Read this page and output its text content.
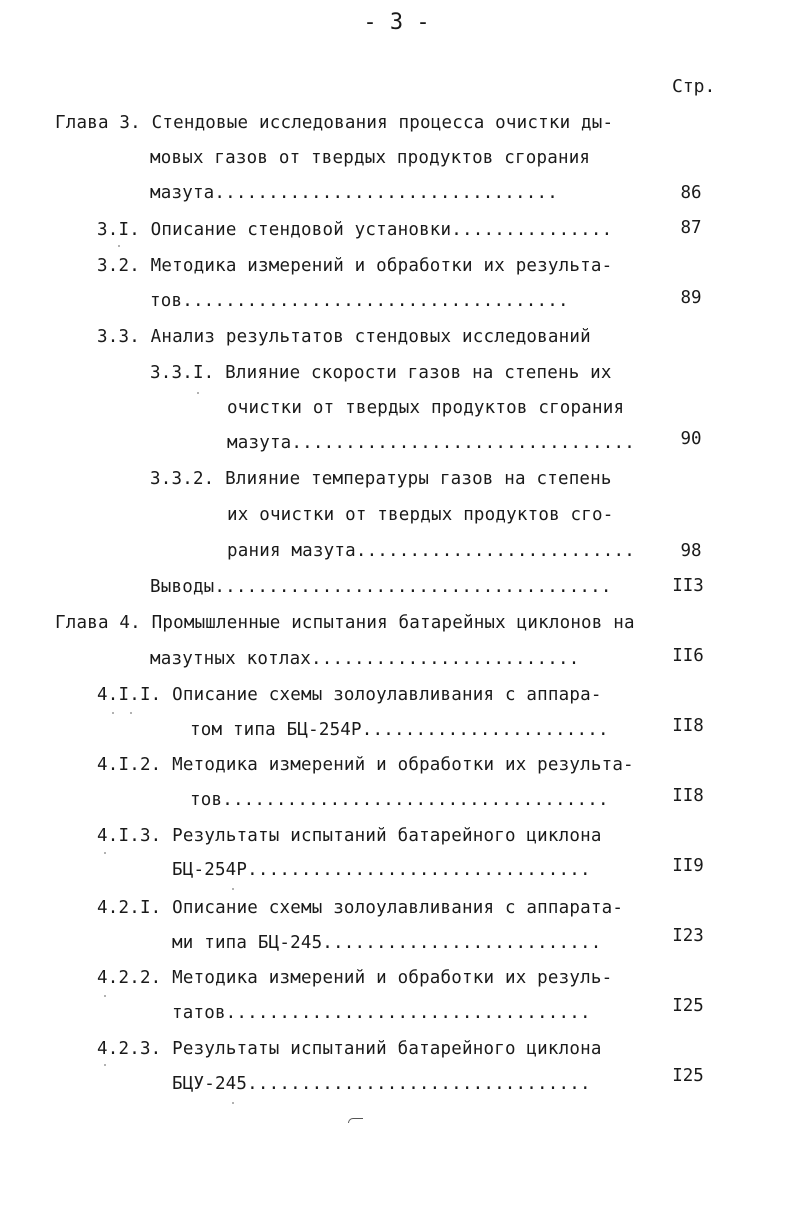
- 3 -
Стр.
Глава 3. Стендовые исследования процесса очистки ды-
мовых газов от твердых продуктов сгорания
мазута................................	86
3.I. Описание стендовой установки...............	87
3.2. Методика измерений и обработки их результа-
тов....................................	89
3.3. Анализ результатов стендовых исследований
3.3.I. Влияние скорости газов на степень их
очистки от твердых продуктов сгорания
мазута................................	90
3.3.2. Влияние температуры газов на степень
их очистки от твердых продуктов сго-
рания мазута..........................	98
Выводы.....................................	II3
Глава 4. Промышленные испытания батарейных циклонов на
мазутных котлах.........................	II6
4.I.I. Описание схемы золоулавливания с аппара-
том типа БЦ-254Р.......................	II8
4.I.2. Методика измерений и обработки их результа-
тов....................................	II8
4.I.3. Результаты испытаний батарейного циклона
БЦ-254Р................................	II9
4.2.I. Описание схемы золоулавливания с аппарата-
ми типа БЦ-245..........................	I23
4.2.2. Методика измерений и обработки их резуль-
татов..................................	I25
4.2.3. Результаты испытаний батарейного циклона
БЦУ-245................................	I25
